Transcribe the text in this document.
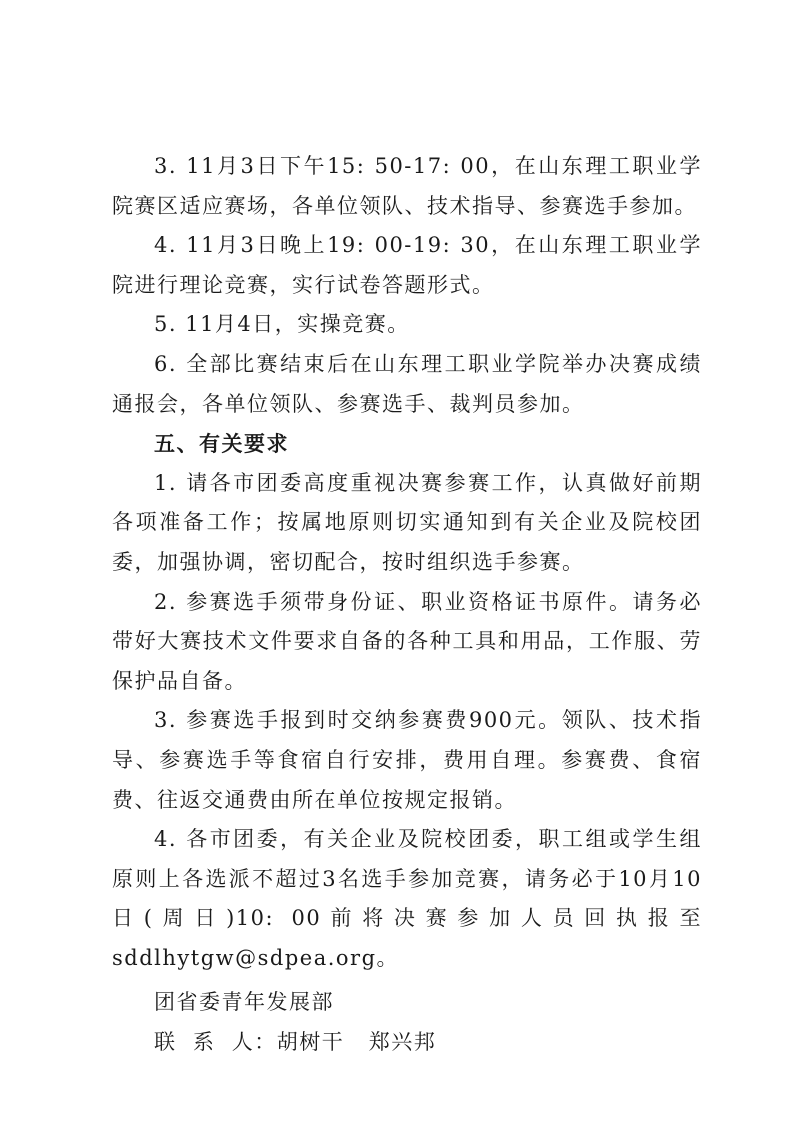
3. 11月3日下午15: 50-17: 00，在山东理工职业学院赛区适应赛场，各单位领队、技术指导、参赛选手参加。

4. 11月3日晚上19: 00-19: 30，在山东理工职业学院进行理论竞赛，实行试卷答题形式。

5. 11月4日，实操竞赛。

6. 全部比赛结束后在山东理工职业学院举办决赛成绩通报会，各单位领队、参赛选手、裁判员参加。

五、有关要求

1. 请各市团委高度重视决赛参赛工作，认真做好前期各项准备工作；按属地原则切实通知到有关企业及院校团委，加强协调，密切配合，按时组织选手参赛。

2. 参赛选手须带身份证、职业资格证书原件。请务必带好大赛技术文件要求自备的各种工具和用品，工作服、劳保护品自备。

3. 参赛选手报到时交纳参赛费900元。领队、技术指导、参赛选手等食宿自行安排，费用自理。参赛费、食宿费、往返交通费由所在单位按规定报销。

4. 各市团委，有关企业及院校团委，职工组或学生组原则上各选派不超过3名选手参加竞赛，请务必于10月10日(周日)10: 00前将决赛参加人员回执报至sddlhytgw@sdpea.org。

团省委青年发展部

联  系  人：胡树干   郑兴邦
